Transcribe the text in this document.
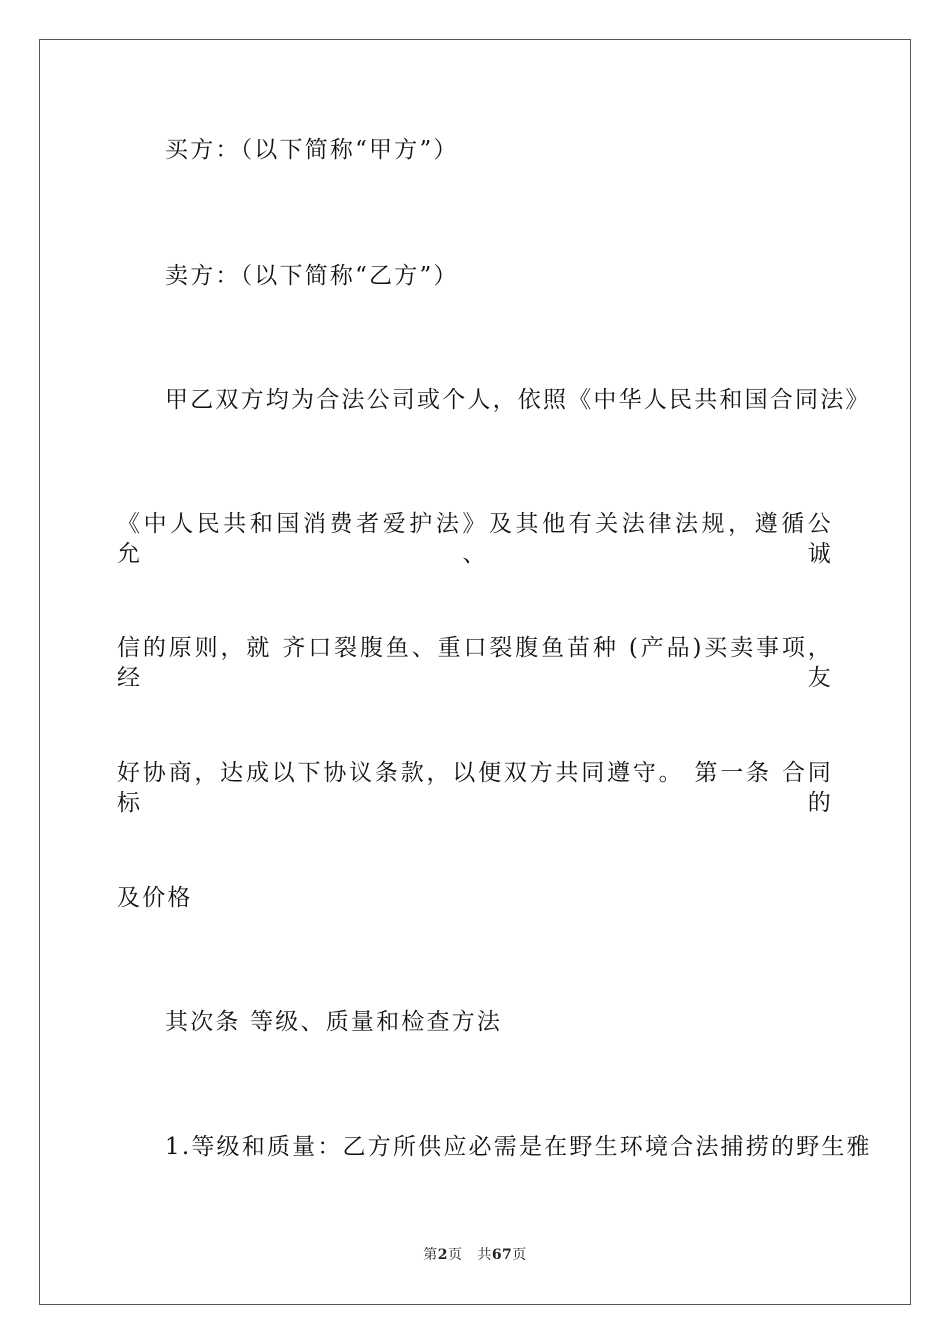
买方：（以下简称“甲方”）
卖方：（以下简称“乙方”）
甲乙双方均为合法公司或个人，依照《中华人民共和国合同法》
《中人民共和国消费者爱护法》及其他有关法律法规，遵循公允、诚
信的原则，就 齐口裂腹鱼、重口裂腹鱼苗种 (产品)买卖事项，经友
好协商，达成以下协议条款，以便双方共同遵守。 第一条 合同标的
及价格
其次条 等级、质量和检查方法
1.等级和质量：乙方所供应必需是在野生环境合法捕捞的野生雅
第2页 共67页
